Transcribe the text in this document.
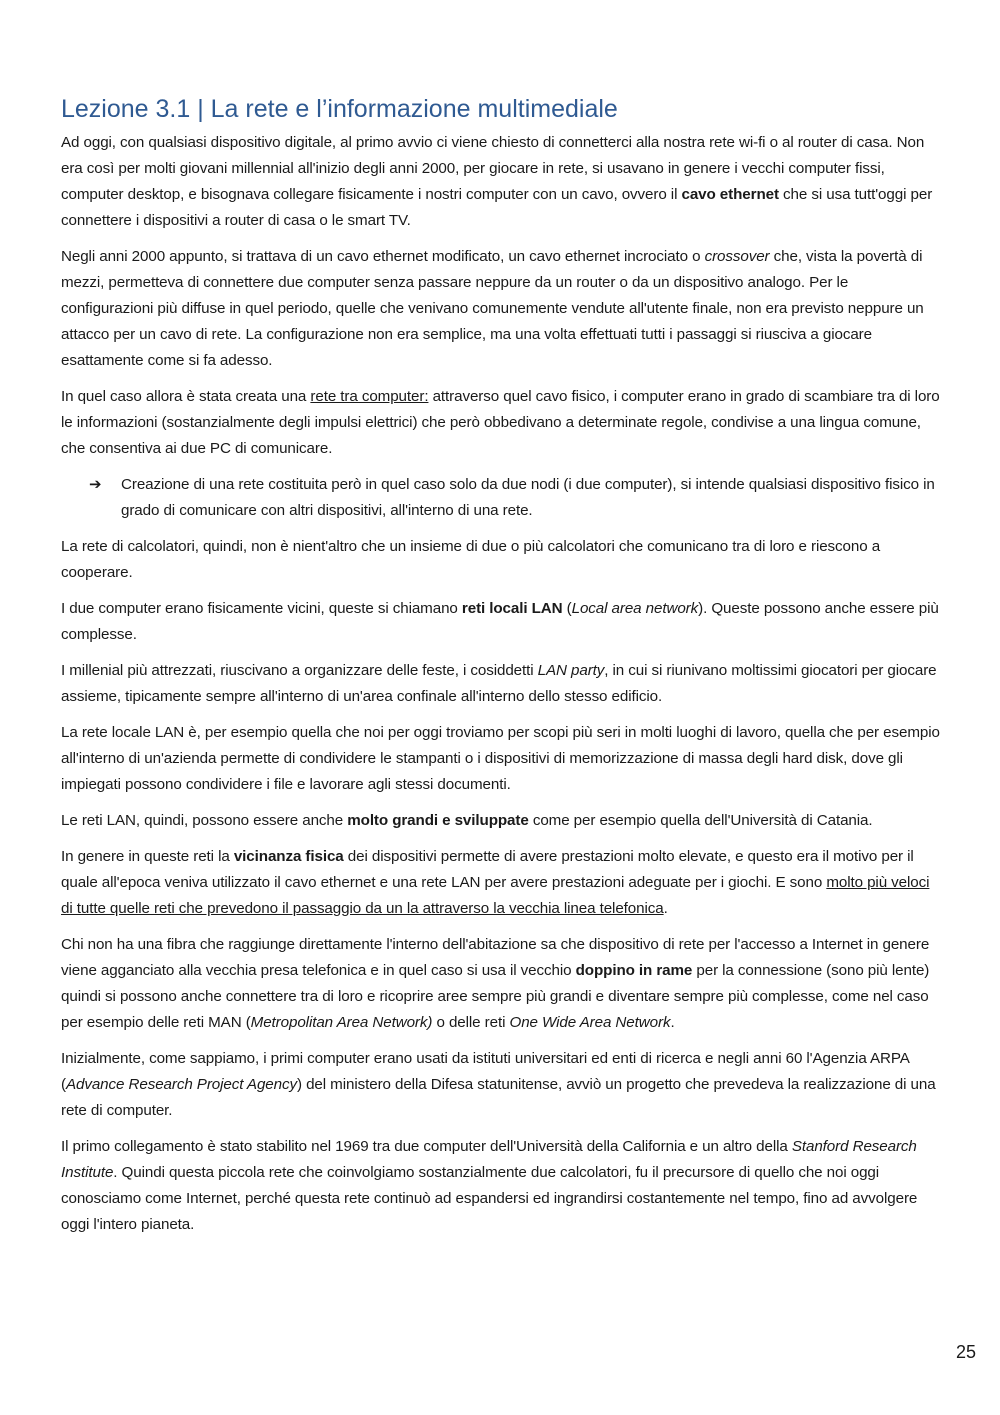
Lezione 3.1 | La rete e l’informazione multimediale

Ad oggi, con qualsiasi dispositivo digitale, al primo avvio ci viene chiesto di connetterci alla nostra rete wi-fi o al router di casa. Non era così per molti giovani millennial all'inizio degli anni 2000, per giocare in rete, si usavano in genere i vecchi computer fissi, computer desktop, e bisognava collegare fisicamente i nostri computer con un cavo, ovvero il cavo ethernet che si usa tutt'oggi per connettere i dispositivi a router di casa o le smart TV.

Negli anni 2000 appunto, si trattava di un cavo ethernet modificato, un cavo ethernet incrociato o crossover che, vista la povertà di mezzi, permetteva di connettere due computer senza passare neppure da un router o da un dispositivo analogo. Per le configurazioni più diffuse in quel periodo, quelle che venivano comunemente vendute all'utente finale, non era previsto neppure un attacco per un cavo di rete. La configurazione non era semplice, ma una volta effettuati tutti i passaggi si riusciva a giocare esattamente come si fa adesso.

In quel caso allora è stata creata una rete tra computer: attraverso quel cavo fisico, i computer erano in grado di scambiare tra di loro le informazioni (sostanzialmente degli impulsi elettrici) che però obbedivano a determinate regole, condivise a una lingua comune, che consentiva ai due PC di comunicare.

➔	Creazione di una rete costituita però in quel caso solo da due nodi (i due computer), si intende qualsiasi dispositivo fisico in grado di comunicare con altri dispositivi, all'interno di una rete.

La rete di calcolatori, quindi, non è nient'altro che un insieme di due o più calcolatori che comunicano tra di loro e riescono a cooperare.

I due computer erano fisicamente vicini, queste si chiamano reti locali LAN (Local area network). Queste possono anche essere più complesse.

I millenial più attrezzati, riuscivano a organizzare delle feste, i cosiddetti LAN party, in cui si riunivano moltissimi giocatori per giocare assieme, tipicamente sempre all'interno di un'area confinale all'interno dello stesso edificio.

La rete locale LAN è, per esempio quella che noi per oggi troviamo per scopi più seri in molti luoghi di lavoro, quella che per esempio all'interno di un'azienda permette di condividere le stampanti o i dispositivi di memorizzazione di massa degli hard disk, dove gli impiegati possono condividere i file e lavorare agli stessi documenti.

Le reti LAN, quindi, possono essere anche molto grandi e sviluppate come per esempio quella dell'Università di Catania.

In genere in queste reti la vicinanza fisica dei dispositivi permette di avere prestazioni molto elevate, e questo era il motivo per il quale all'epoca veniva utilizzato il cavo ethernet e una rete LAN per avere prestazioni adeguate per i giochi. E sono molto più veloci di tutte quelle reti che prevedono il passaggio da un la attraverso la vecchia linea telefonica.

Chi non ha una fibra che raggiunge direttamente l'interno dell'abitazione sa che dispositivo di rete per l'accesso a Internet in genere viene agganciato alla vecchia presa telefonica e in quel caso si usa il vecchio doppino in rame per la connessione (sono più lente) quindi si possono anche connettere tra di loro e ricoprire aree sempre più grandi e diventare sempre più complesse, come nel caso per esempio delle reti MAN (Metropolitan Area Network) o delle reti One Wide Area Network.

Inizialmente, come sappiamo, i primi computer erano usati da istituti universitari ed enti di ricerca e negli anni 60 l'Agenzia ARPA (Advance Research Project Agency) del ministero della Difesa statunitense, avviò un progetto che prevedeva la realizzazione di una rete di computer.

Il primo collegamento è stato stabilito nel 1969 tra due computer dell'Università della California e un altro della Stanford Research Institute. Quindi questa piccola rete che coinvolgiamo sostanzialmente due calcolatori, fu il precursore di quello che noi oggi conosciamo come Internet, perché questa rete continuò ad espandersi ed ingrandirsi costantemente nel tempo, fino ad avvolgere oggi l'intero pianeta.

25
